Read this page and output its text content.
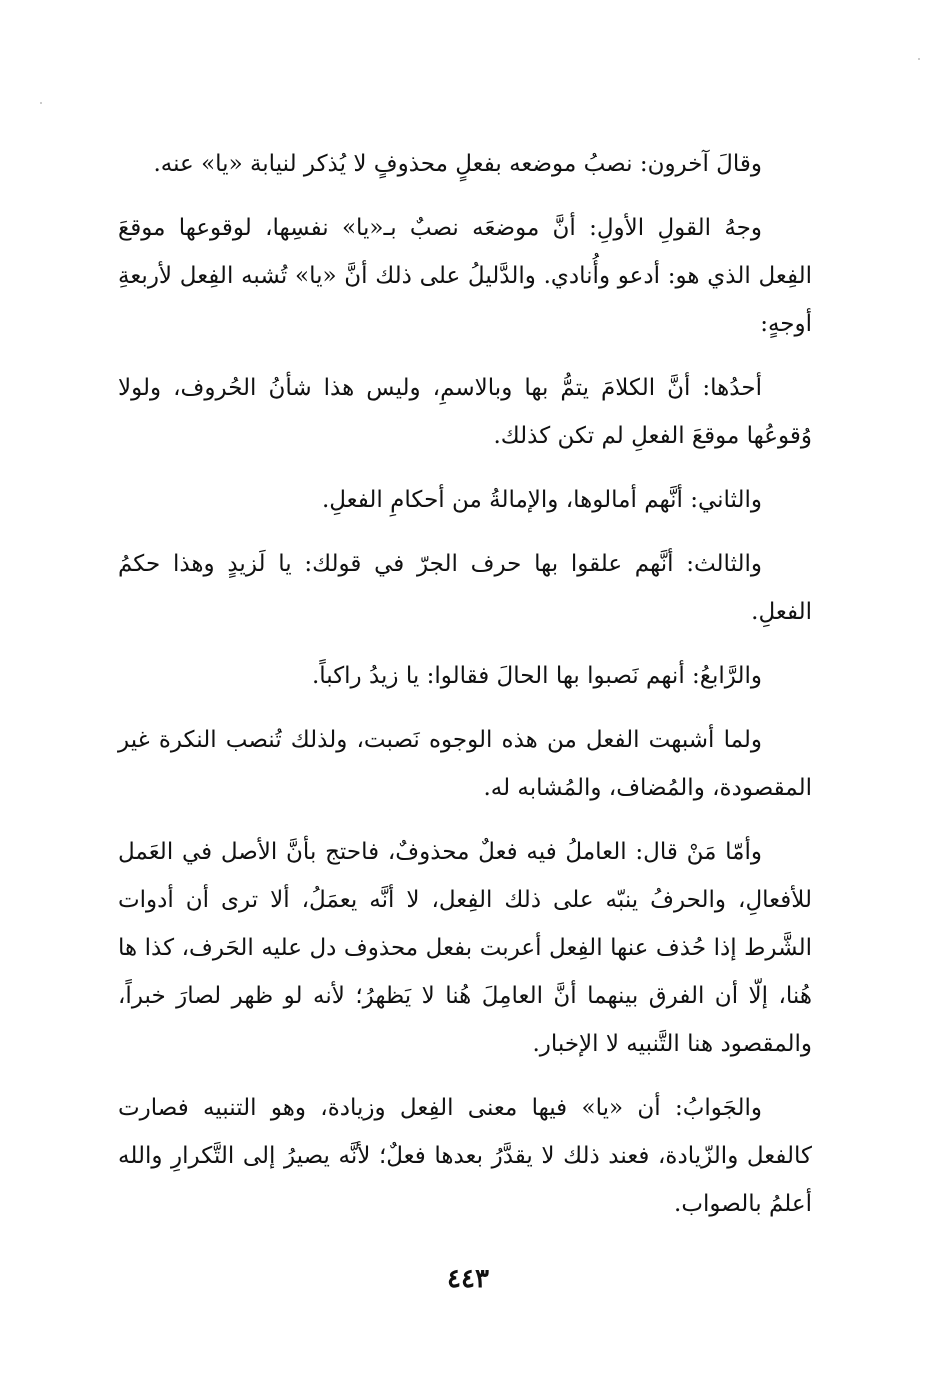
وقالَ آخرون: نصبُ موضعه بفعلٍ محذوفٍ لا يُذكر لنيابة «يا» عنه.

وجهُ القولِ الأولِ: أنَّ موضعَه نصبٌ بـ«يا» نفسِها، لوقوعها موقعَ الفِعل الذي هو: أدعو وأُنادي. والدَّليلُ على ذلك أنَّ «يا» تُشبه الفِعل لأربعةِ أوجهٍ:

أحدُها: أنَّ الكلامَ يتمُّ بها وبالاسمِ، وليس هذا شأنُ الحُروف، ولولا وُقوعُها موقعَ الفعلِ لم تكن كذلك.

والثاني: أنَّهم أمالوها، والإمالةُ من أحكامِ الفعلِ.

والثالث: أنَّهم علقوا بها حرف الجرّ في قولك: يا لَزيدٍ وهذا حكمُ الفعلِ.

والرَّابعُ: أنهم نَصبوا بها الحالَ فقالوا: يا زيدُ راكباً.

ولما أشبهت الفعل من هذه الوجوه نَصبت، ولذلك تُنصب النكرة غير المقصودة، والمُضاف، والمُشابه له.

وأمّا مَنْ قال: العاملُ فيه فعلٌ محذوفٌ، فاحتج بأنَّ الأصل في العَمل للأفعالِ، والحرفُ ينبّه على ذلك الفِعل، لا أنَّه يعمَلُ، ألا ترى أن أدوات الشَّرط إذا حُذف عنها الفِعل أعربت بفعل محذوف دل عليه الحَرف، كذا ها هُنا، إلّا أن الفرق بينهما أنَّ العامِلَ هُنا لا يَظهرُ؛ لأنه لو ظهر لصارَ خبراً، والمقصود هنا التَّنبيه لا الإخبار.

والجَوابُ: أن «يا» فيها معنى الفِعل وزيادة، وهو التنبيه فصارت كالفعل والزّيادة، فعند ذلك لا يقدَّرُ بعدها فعلٌ؛ لأنَّه يصيرُ إلى التَّكرارِ والله أعلمُ بالصواب.

٤٤٣
